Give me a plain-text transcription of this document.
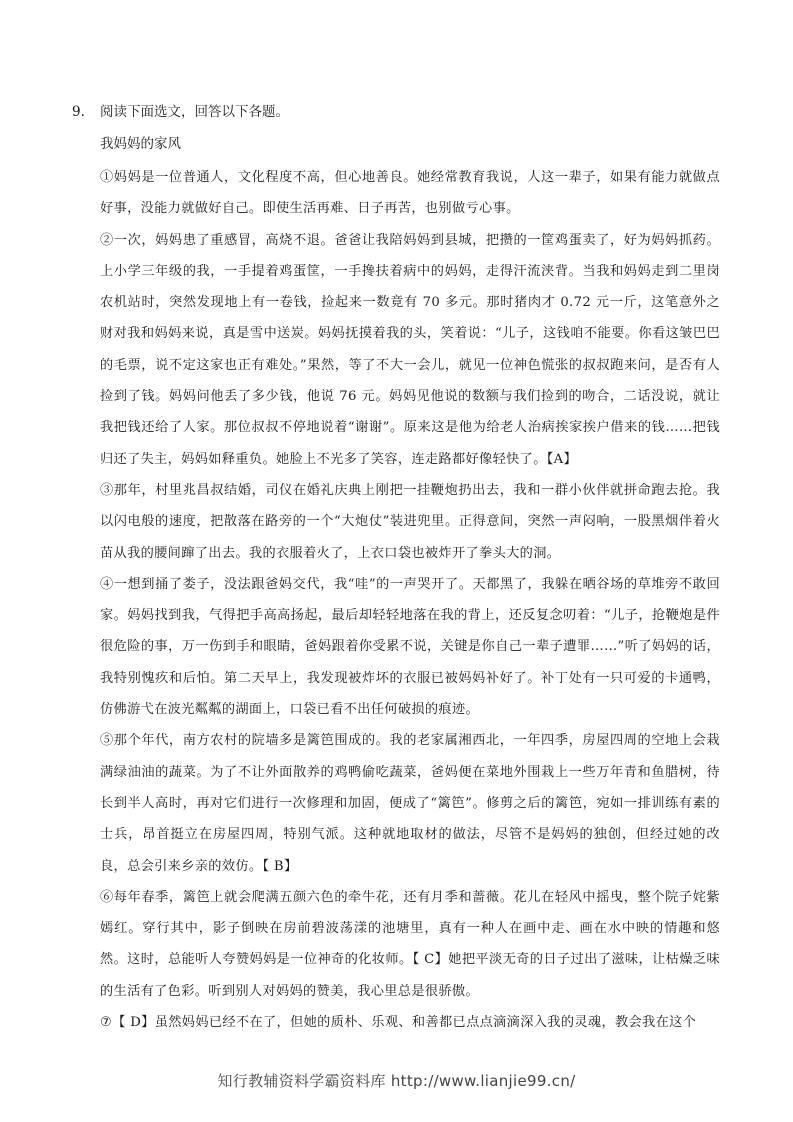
9. 阅读下面选文，回答以下各题。
我妈妈的家风

①妈妈是一位普通人，文化程度不高，但心地善良。她经常教育我说，人这一辈子，如果有能力就做点好事，没能力就做好自己。即使生活再难、日子再苦，也别做亏心事。

②一次，妈妈患了重感冒，高烧不退。爸爸让我陪妈妈到县城，把攒的一筐鸡蛋卖了，好为妈妈抓药。上小学三年级的我，一手提着鸡蛋筐，一手搀扶着病中的妈妈，走得汗流浃背。当我和妈妈走到二里岗农机站时，突然发现地上有一卷钱，捡起来一数竟有 70 多元。那时猪肉才 0.72 元一斤，这笔意外之财对我和妈妈来说，真是雪中送炭。妈妈抚摸着我的头，笑着说：“儿子，这钱咱不能要。你看这皱巴巴的毛票，说不定这家也正有难处。”果然，等了不大一会儿，就见一位神色慌张的叔叔跑来问，是否有人捡到了钱。妈妈问他丢了多少钱，他说 76 元。妈妈见他说的数额与我们捡到的吻合，二话没说，就让我把钱还给了人家。那位叔叔不停地说着“谢谢”。原来这是他为给老人治病挨家挨户借来的钱……把钱归还了失主，妈妈如释重负。她脸上不光多了笑容，连走路都好像轻快了。【A】

③那年，村里兆昌叔结婚，司仪在婚礼庆典上刚把一挂鞭炮扔出去，我和一群小伙伴就拼命跑去抢。我以闪电般的速度，把散落在路旁的一个“大炮仗”装进兜里。正得意间，突然一声闷响，一股黑烟伴着火苗从我的腰间蹿了出去。我的衣服着火了，上衣口袋也被炸开了拳头大的洞。

④一想到捅了娄子，没法跟爸妈交代，我“哇”的一声哭开了。天都黑了，我躲在晒谷场的草堆旁不敢回家。妈妈找到我，气得把手高高扬起，最后却轻轻地落在我的背上，还反复念叨着：“儿子，抢鞭炮是件很危险的事，万一伤到手和眼睛，爸妈跟着你受累不说，关键是你自己一辈子遭罪……”听了妈妈的话，我特别愧疚和后怕。第二天早上，我发现被炸坏的衣服已被妈妈补好了。补丁处有一只可爱的卡通鸭，仿佛游弋在波光粼粼的湖面上，口袋已看不出任何破损的痕迹。

⑤那个年代，南方农村的院墙多是篱笆围成的。我的老家属湘西北，一年四季，房屋四周的空地上会栽满绿油油的蔬菜。为了不让外面散养的鸡鸭偷吃蔬菜，爸妈便在菜地外围栽上一些万年青和鱼腊树，待长到半人高时，再对它们进行一次修理和加固，便成了“篱笆”。修剪之后的篱笆，宛如一排训练有素的士兵，昂首挺立在房屋四周，特别气派。这种就地取材的做法，尽管不是妈妈的独创，但经过她的改良，总会引来乡亲的效仿。【 B】

⑥每年春季，篱笆上就会爬满五颜六色的牵牛花，还有月季和蔷薇。花儿在轻风中摇曳，整个院子姹紫嫣红。穿行其中，影子倒映在房前碧波荡漾的池塘里，真有一种人在画中走、画在水中映的情趣和悠然。这时，总能听人夸赞妈妈是一位神奇的化妆师。【 C】她把平淡无奇的日子过出了滋味，让枯燥乏味的生活有了色彩。听到别人对妈妈的赞美，我心里总是很骄傲。

⑦【 D】虽然妈妈已经不在了，但她的质朴、乐观、和善都已点点滴滴深入我的灵魂，教会我在这个

知行教辅资料学霸资料库 http://www.lianjie99.cn/
